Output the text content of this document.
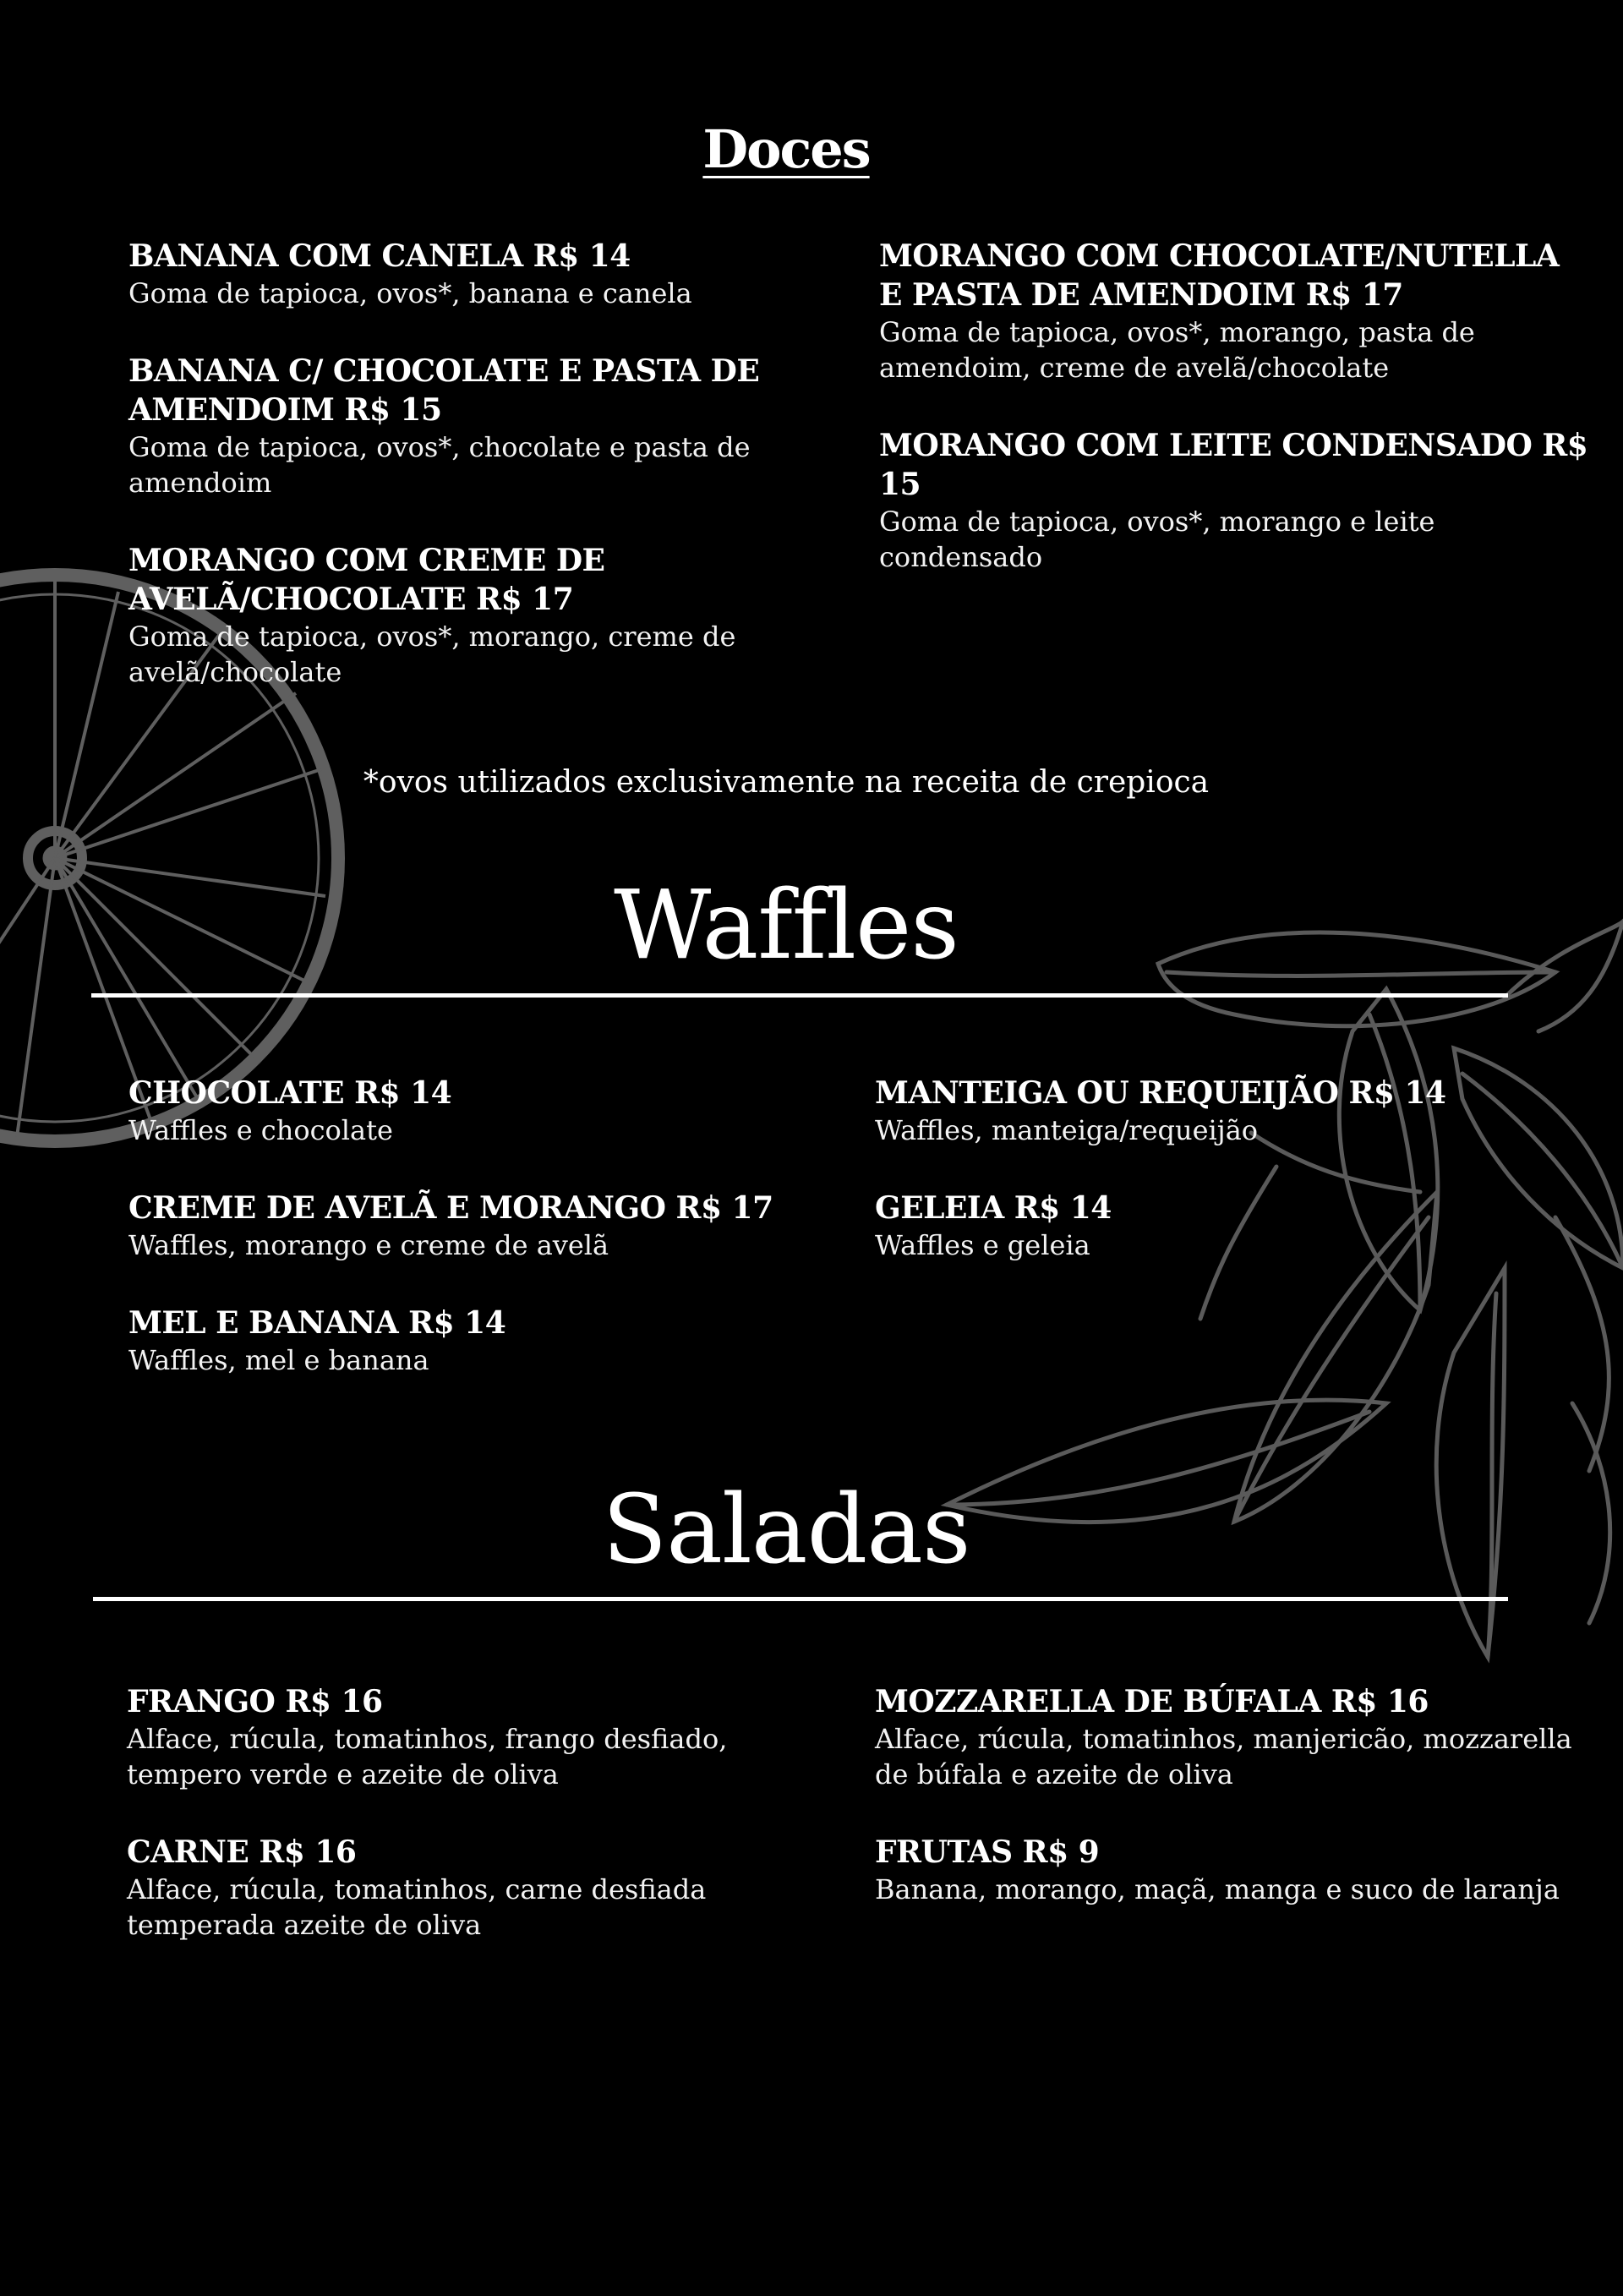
Doces
BANANA COM CANELA R$ 14
Goma de tapioca, ovos*, banana e canela
BANANA C/ CHOCOLATE E PASTA DE AMENDOIM R$ 15
Goma de tapioca, ovos*, chocolate e pasta de amendoim
MORANGO COM CREME DE AVELÃ/CHOCOLATE R$ 17
Goma de tapioca, ovos*, morango, creme de avelã/chocolate
MORANGO COM CHOCOLATE/NUTELLA E PASTA DE AMENDOIM R$ 17
Goma de tapioca, ovos*, morango, pasta de amendoim, creme de avelã/chocolate
MORANGO COM LEITE CONDENSADO R$ 15
Goma de tapioca, ovos*, morango e leite condensado
*ovos utilizados exclusivamente na receita de crepioca
Waffles
CHOCOLATE R$ 14
Waffles e chocolate
CREME DE AVELÃ E MORANGO R$ 17
Waffles, morango e creme de avelã
MEL E BANANA R$ 14
Waffles, mel e banana
MANTEIGA OU REQUEIJÃO R$ 14
Waffles, manteiga/requeijão
GELEIA R$ 14
Waffles e geleia
Saladas
FRANGO R$ 16
Alface, rúcula, tomatinhos, frango desfiado, tempero verde e azeite de oliva
CARNE R$ 16
Alface, rúcula, tomatinhos, carne desfiada temperada azeite de oliva
MOZZARELLA DE BÚFALA R$ 16
Alface, rúcula, tomatinhos, manjericão, mozzarella de búfala e azeite de oliva
FRUTAS R$ 9
Banana, morango, maçã, manga e suco de laranja
